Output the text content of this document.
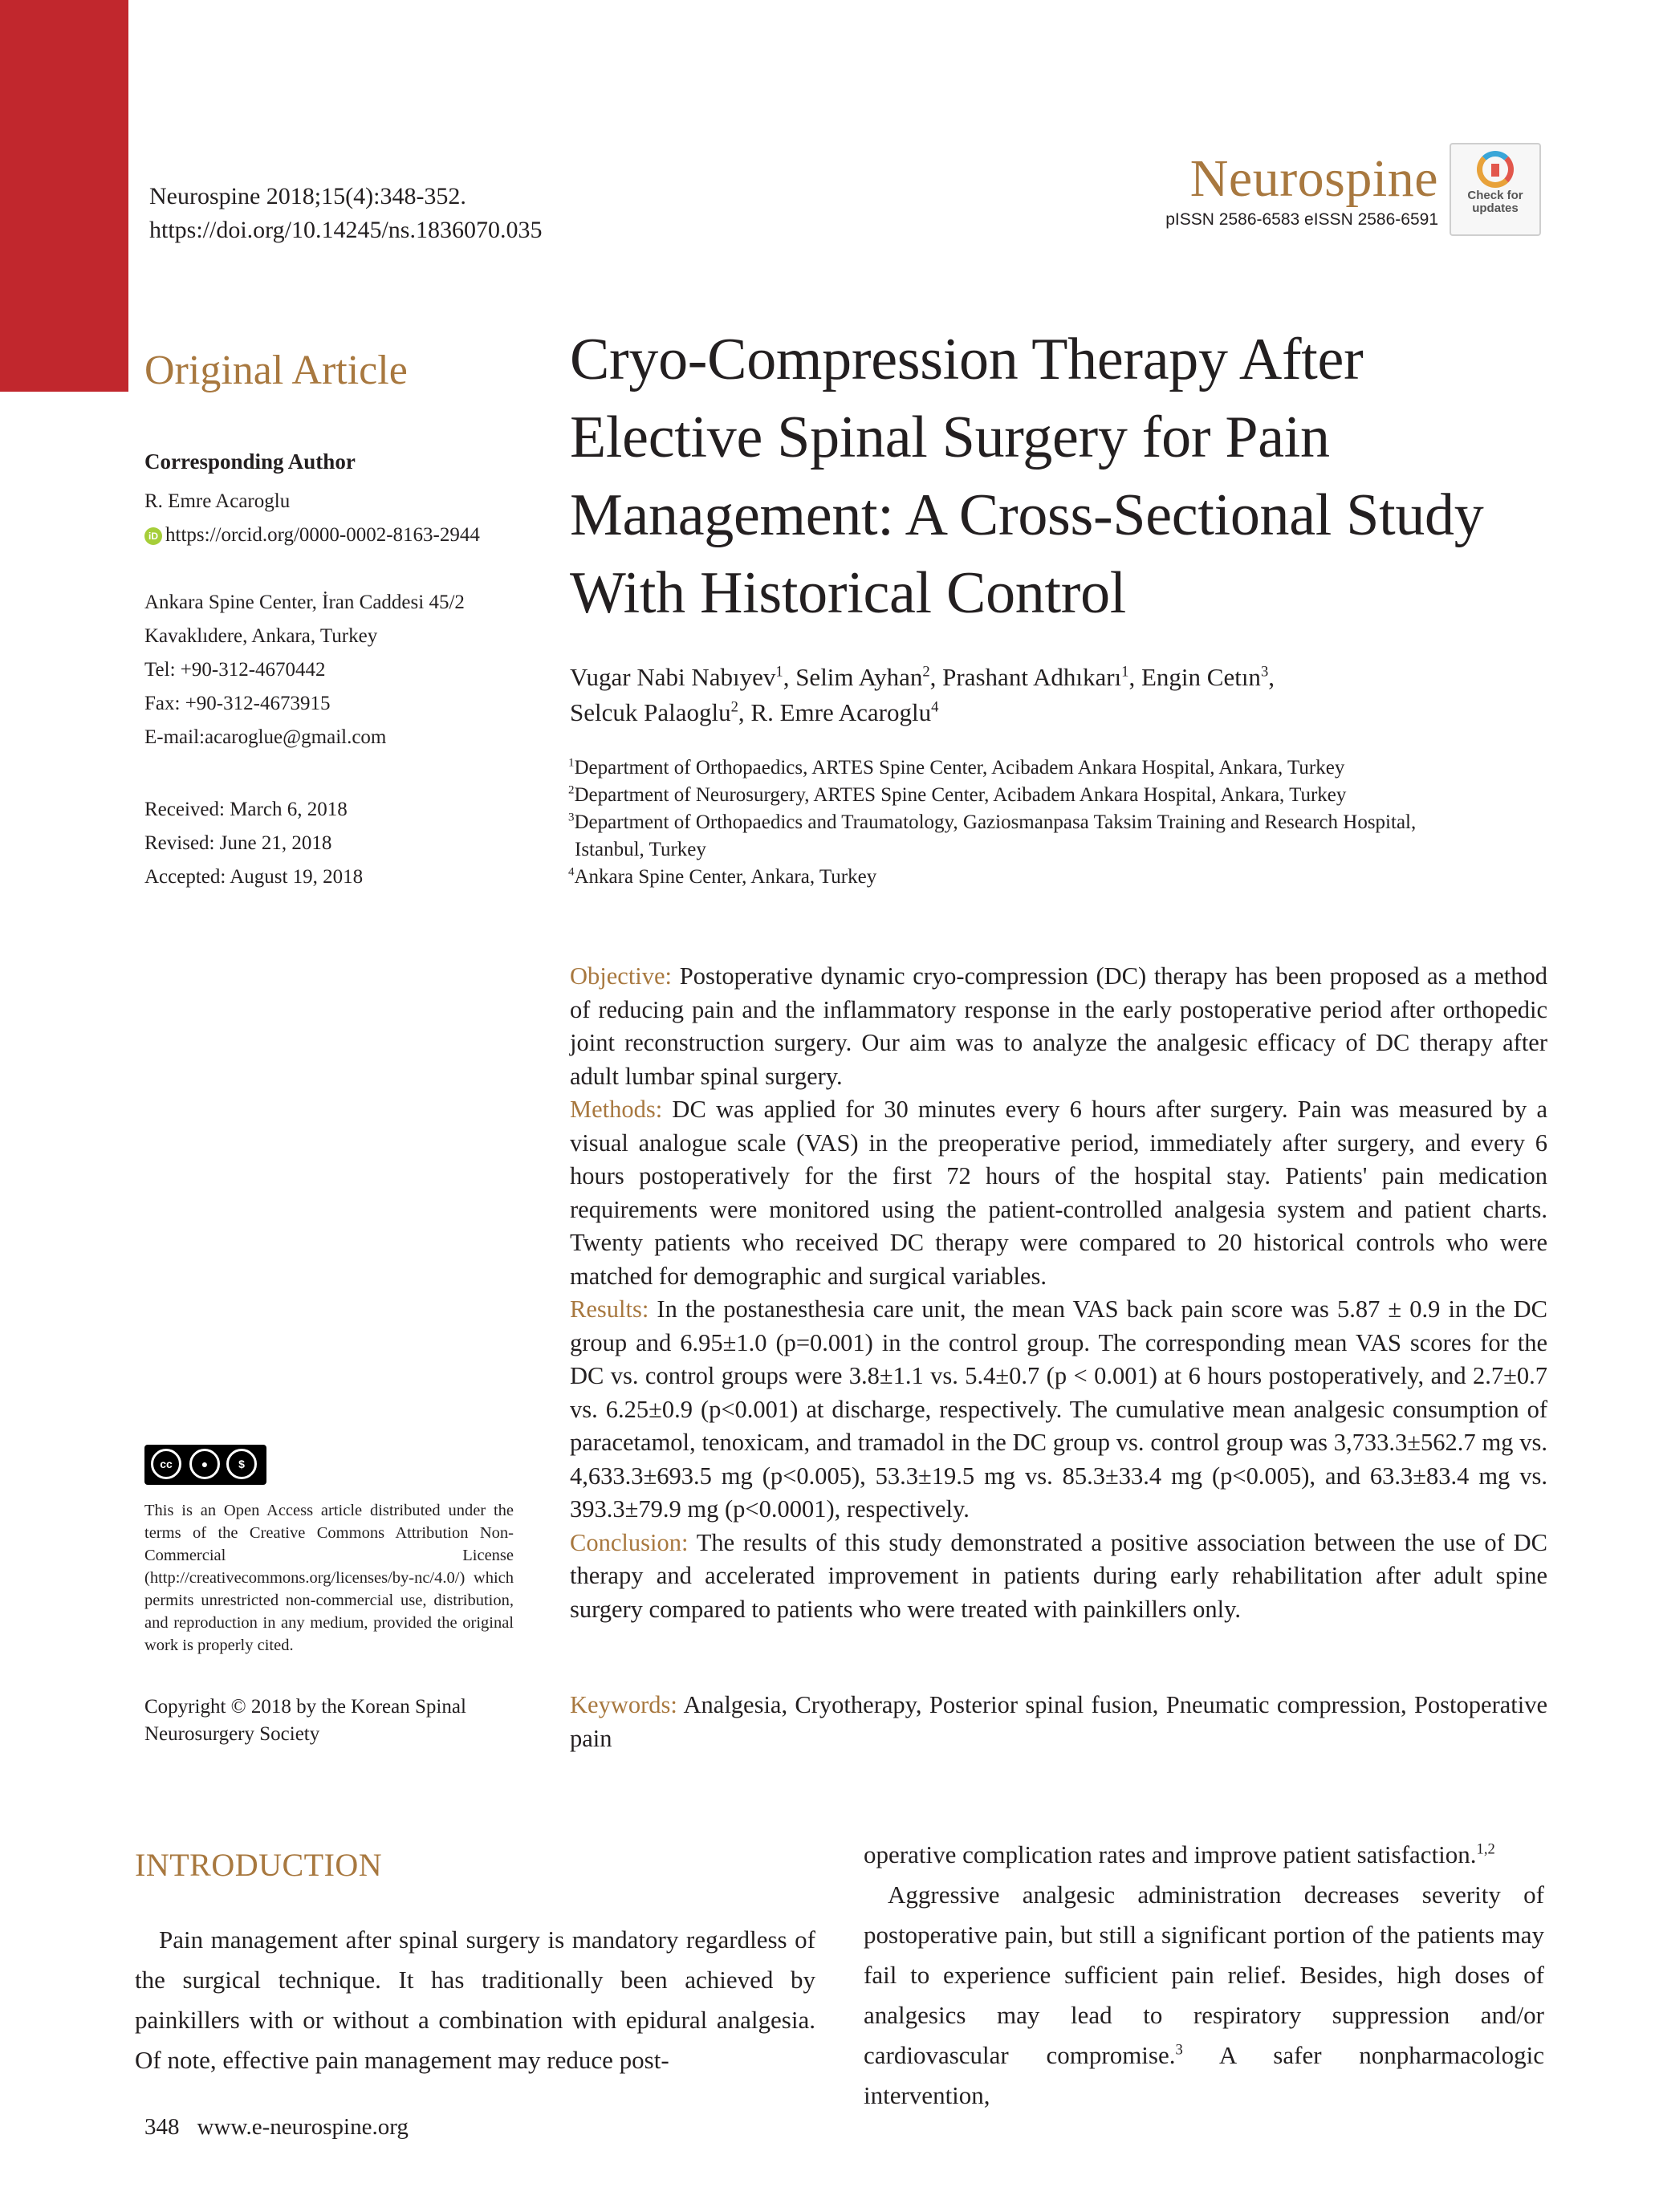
Neurospine 2018;15(4):348-352.
https://doi.org/10.14245/ns.1836070.035
Neurospine
pISSN 2586-6583 eISSN 2586-6591
Check for
updates
Original Article
Corresponding Author
R. Emre Acaroglu
iD https://orcid.org/0000-0002-8163-2944
Ankara Spine Center, İran Caddesi 45/2
Kavaklıdere, Ankara, Turkey
Tel: +90-312-4670442
Fax: +90-312-4673915
E-mail:acaroglue@gmail.com
Received: March 6, 2018
Revised: June 21, 2018
Accepted: August 19, 2018
Cryo-Compression Therapy After Elective Spinal Surgery for Pain Management: A Cross-Sectional Study With Historical Control
Vugar Nabi Nabıyev$^1$, Selim Ayhan$^2$, Prashant Adhıkarı$^1$, Engin Cetın$^3$,
Selcuk Palaoglu$^2$, R. Emre Acaroglu$^4$
$^1$Department of Orthopaedics, ARTES Spine Center, Acibadem Ankara Hospital, Ankara, Turkey
$^2$Department of Neurosurgery, ARTES Spine Center, Acibadem Ankara Hospital, Ankara, Turkey
$^3$Department of Orthopaedics and Traumatology, Gaziosmanpasa Taksim Training and Research Hospital,
Istanbul, Turkey
$^4$Ankara Spine Center, Ankara, Turkey

Objective: Postoperative dynamic cryo-compression (DC) therapy has been proposed as a method of reducing pain and the inflammatory response in the early postoperative period after orthopedic joint reconstruction surgery. Our aim was to analyze the analgesic efficacy of DC therapy after adult lumbar spinal surgery.

Methods: DC was applied for 30 minutes every 6 hours after surgery. Pain was measured by a visual analogue scale (VAS) in the preoperative period, immediately after surgery, and every 6 hours postoperatively for the first 72 hours of the hospital stay. Patients' pain medication requirements were monitored using the patient-controlled analgesia system and patient charts. Twenty patients who received DC therapy were compared to 20 historical controls who were matched for demographic and surgical variables.

Results: In the postanesthesia care unit, the mean VAS back pain score was 5.87 ± 0.9 in the DC group and 6.95±1.0 (p=0.001) in the control group. The corresponding mean VAS scores for the DC vs. control groups were 3.8±1.1 vs. 5.4±0.7 (p < 0.001) at 6 hours postoperatively, and 2.7±0.7 vs. 6.25±0.9 (p<0.001) at discharge, respectively. The cumulative mean analgesic consumption of paracetamol, tenoxicam, and tramadol in the DC group vs. control group was 3,733.3±562.7 mg vs. 4,633.3±693.5 mg (p<0.005), 53.3±19.5 mg vs. 85.3±33.4 mg (p<0.005), and 63.3±83.4 mg vs. 393.3±79.9 mg (p<0.0001), respectively.

Conclusion: The results of this study demonstrated a positive association between the use of DC therapy and accelerated improvement in patients during early rehabilitation after adult spine surgery compared to patients who were treated with painkillers only.

Keywords: Analgesia, Cryotherapy, Posterior spinal fusion, Pneumatic compression, Postoperative pain
cc	●	$
This is an Open Access article distributed under the terms of the Creative Commons Attribution Non-Commercial License (http://creativecommons.org/licenses/by-nc/4.0/) which permits unrestricted non-commercial use, distribution, and reproduction in any medium, provided the original work is properly cited.
Copyright © 2018 by the Korean Spinal
Neurosurgery Society
INTRODUCTION

Pain management after spinal surgery is mandatory regardless of the surgical technique. It has traditionally been achieved by painkillers with or without a combination with epidural analgesia. Of note, effective pain management may reduce post-

operative complication rates and improve patient satisfaction.$^{1,2}$

Aggressive analgesic administration decreases severity of postoperative pain, but still a significant portion of the patients may fail to experience sufficient pain relief. Besides, high doses of analgesics may lead to respiratory suppression and/or cardiovascular compromise.$^3$ A safer nonpharmacologic intervention,

348 www.e-neurospine.org
